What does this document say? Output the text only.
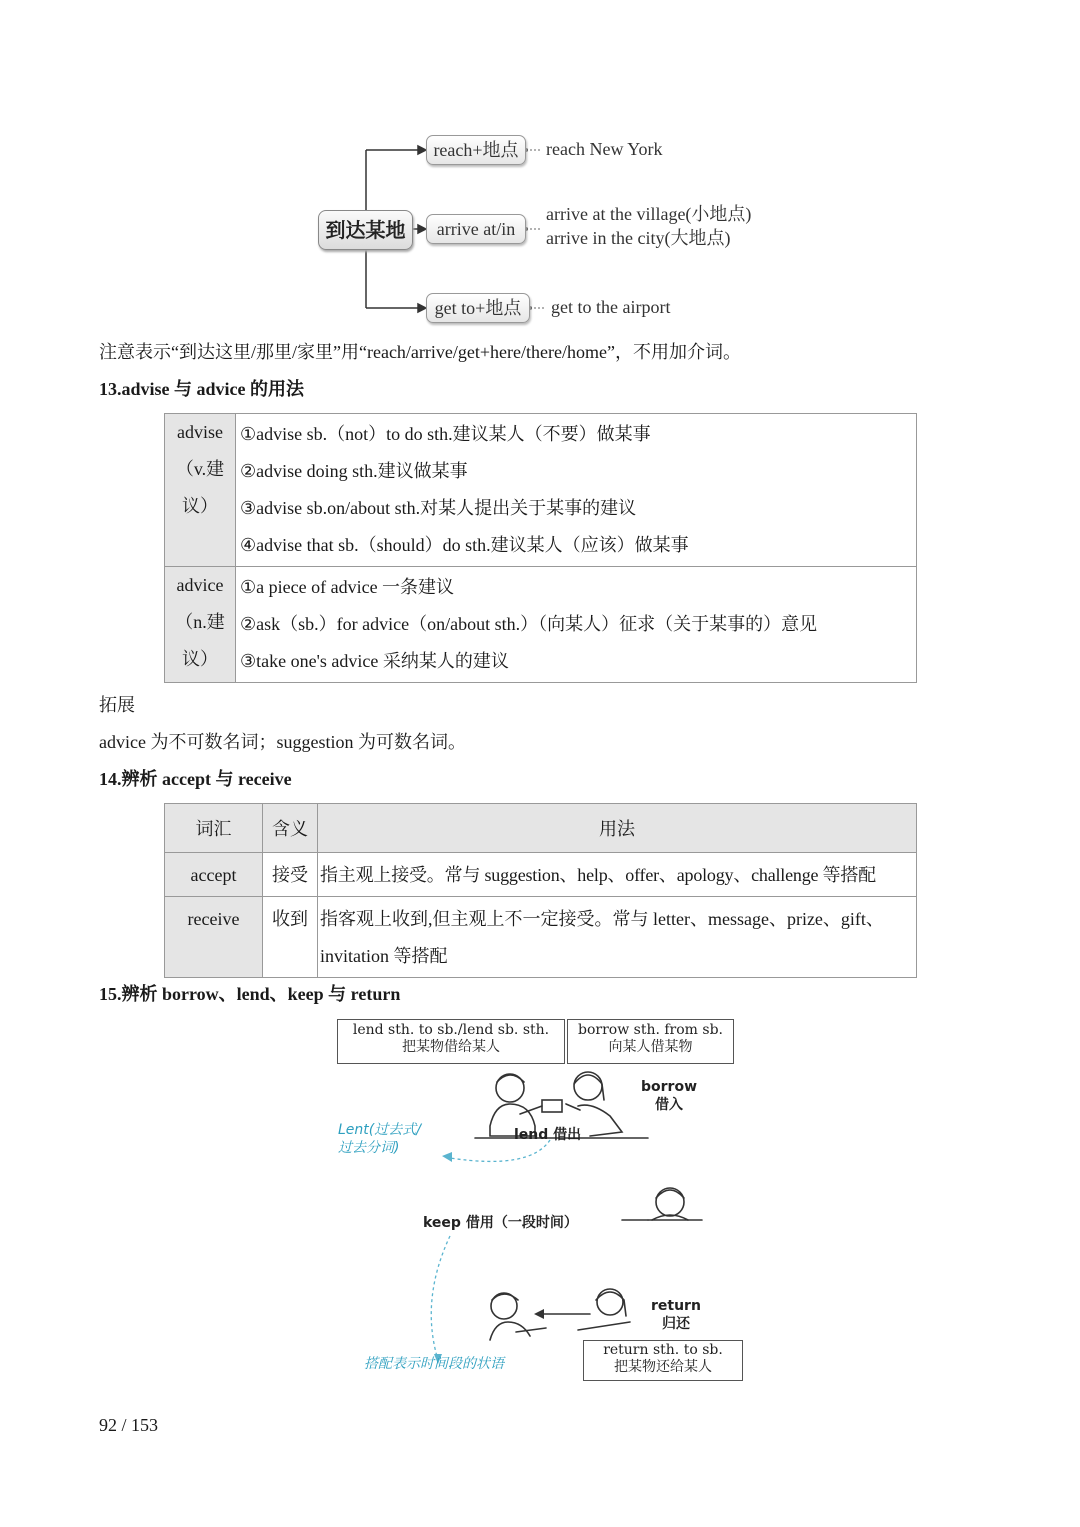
到达某地
reach+地点
arrive at/in
get to+地点
reach New York
arrive at the village(小地点)
arrive in the city(大地点)
get to the airport
注意表示“到达这里/那里/家里”用“reach/arrive/get+here/there/home”，不用加介词。
13.advise 与 advice 的用法
advise（v.建议）	①advise sb.（not）to do sth.建议某人（不要）做某事
②advise doing sth.建议做某事
③advise sb.on/about sth.对某人提出关于某事的建议
④advise that sb.（should）do sth.建议某人（应该）做某事

advice（n.建议）	①a piece of advice 一条建议
②ask（sb.）for advice（on/about sth.）（向某人）征求（关于某事的）意见
③take one's advice 采纳某人的建议
拓展
advice 为不可数名词；suggestion 为可数名词。
14.辨析 accept 与 receive
词汇	含义	用法
accept	接受	指主观上接受。常与 suggestion、help、offer、apology、challenge 等搭配
receive	收到	指客观上收到,但主观上不一定接受。常与 letter、message、prize、gift、invitation 等搭配
15.辨析 borrow、lend、keep 与 return
lend sth. to sb./lend sb. sth.
把某物借给某人
borrow sth. from sb.
向某人借某物
borrow
借入
lend 借出
Lent(过去式/
过去分词)
keep 借用（一段时间）
return
归还
return sth. to sb.
把某物还给某人
搭配表示时间段的状语
92 / 153
